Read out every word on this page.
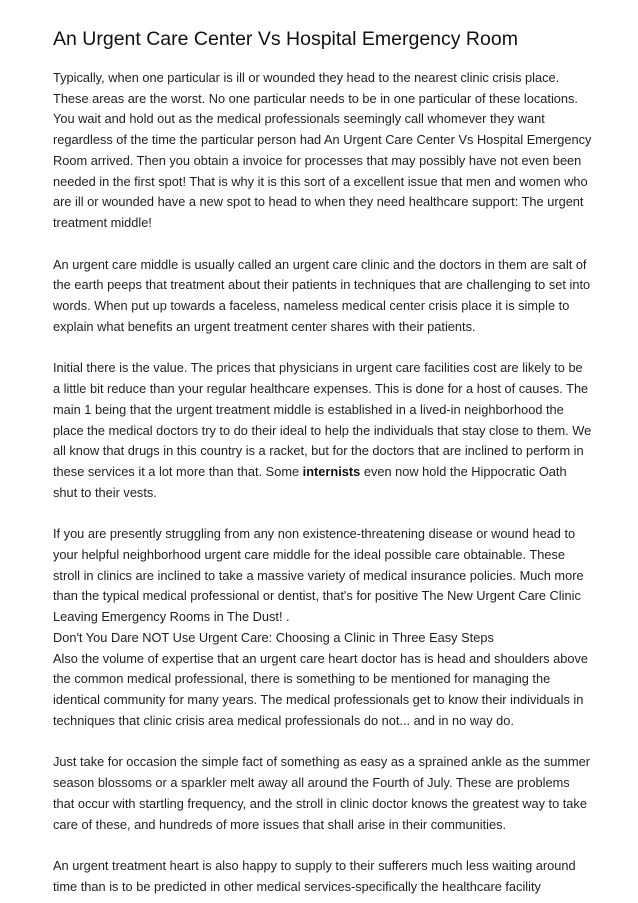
An Urgent Care Center Vs Hospital Emergency Room

Typically, when one particular is ill or wounded they head to the nearest clinic crisis place. These areas are the worst. No one particular needs to be in one particular of these locations. You wait and hold out as the medical professionals seemingly call whomever they want regardless of the time the particular person had An Urgent Care Center Vs Hospital Emergency Room arrived. Then you obtain a invoice for processes that may possibly have not even been needed in the first spot! That is why it is this sort of a excellent issue that men and women who are ill or wounded have a new spot to head to when they need healthcare support: The urgent treatment middle!

An urgent care middle is usually called an urgent care clinic and the doctors in them are salt of the earth peeps that treatment about their patients in techniques that are challenging to set into words. When put up towards a faceless, nameless medical center crisis place it is simple to explain what benefits an urgent treatment center shares with their patients.

Initial there is the value. The prices that physicians in urgent care facilities cost are likely to be a little bit reduce than your regular healthcare expenses. This is done for a host of causes. The main 1 being that the urgent treatment middle is established in a lived-in neighborhood the place the medical doctors try to do their ideal to help the individuals that stay close to them. We all know that drugs in this country is a racket, but for the doctors that are inclined to perform in these services it a lot more than that. Some internists even now hold the Hippocratic Oath shut to their vests.

If you are presently struggling from any non existence-threatening disease or wound head to your helpful neighborhood urgent care middle for the ideal possible care obtainable. These stroll in clinics are inclined to take a massive variety of medical insurance policies. Much more than the typical medical professional or dentist, that's for positive The New Urgent Care Clinic Leaving Emergency Rooms in The Dust! .

Don't You Dare NOT Use Urgent Care: Choosing a Clinic in Three Easy Steps

Also the volume of expertise that an urgent care heart doctor has is head and shoulders above the common medical professional, there is something to be mentioned for managing the identical community for many years. The medical professionals get to know their individuals in techniques that clinic crisis area medical professionals do not... and in no way do.

Just take for occasion the simple fact of something as easy as a sprained ankle as the summer season blossoms or a sparkler melt away all around the Fourth of July. These are problems that occur with startling frequency, and the stroll in clinic doctor knows the greatest way to take care of these, and hundreds of more issues that shall arise in their communities.

An urgent treatment heart is also happy to supply to their sufferers much less waiting around time than is to be predicted in other medical services-specifically the healthcare facility
